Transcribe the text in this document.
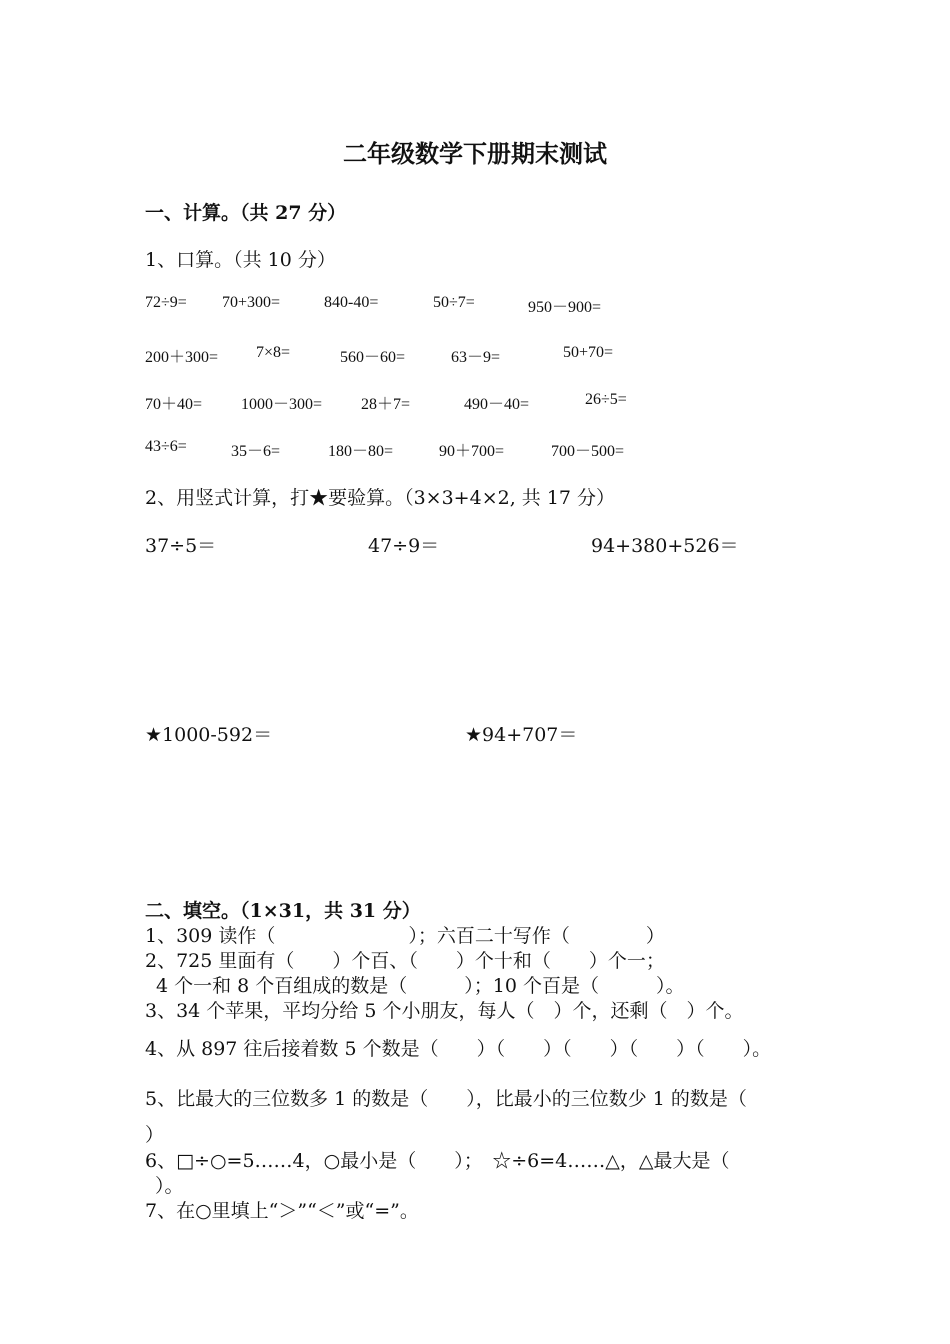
二年级数学下册期末测试
一、计算。（共 27 分）
1、口算。（共 10 分）
72÷9= 70+300=	840-40=	50÷7=	950－900=
200＋300= 7×8=	560－60=	63－9=	50+70=
70＋40= 1000－300= 28＋7=	490－40=	26÷5=
43÷6=	35－6=	180－80=	90＋700=	700－500=
2、用竖式计算，打★要验算。（3×3+4×2, 共 17 分）
37÷5＝	47÷9＝	94+380+526＝
★1000-592＝	★94+707＝
二、填空。（1×31，共 31 分）
1、309 读作（　　　　　　　）；六百二十写作（　　　　）
2、725 里面有（　　）个百、（　　）个十和（　　）个一；
4 个一和 8 个百组成的数是（　　　）；10 个百是（　　　）。
3、34 个苹果，平均分给 5 个小朋友，每人（　）个，还剩（　）个。
4、从 897 往后接着数 5 个数是（　　）（　　）（　　）（　　）（　　）。
5、比最大的三位数多 1 的数是（　　），比最小的三位数少 1 的数是（
）
6、□÷○=5……4，○最小是（　　）；　☆÷6=4……△，△最大是（
）。
7、在○里填上“＞”“＜”或“=”。
